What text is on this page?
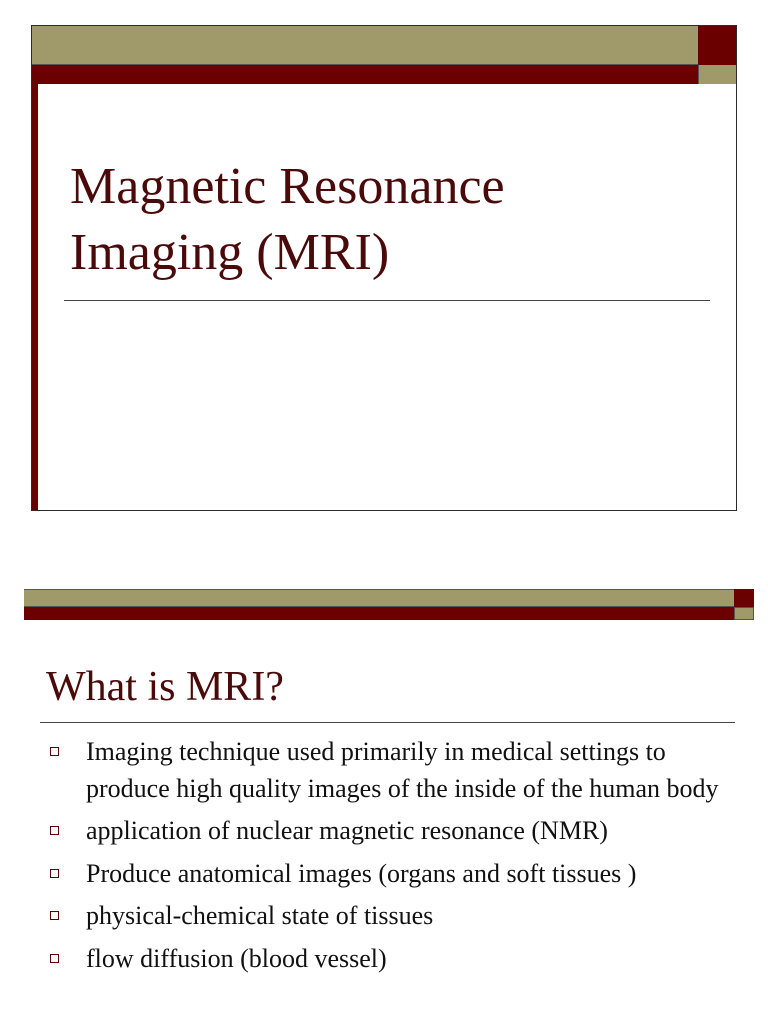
Magnetic Resonance
Imaging (MRI)
What is MRI?
Imaging technique used primarily in medical settings to produce high quality images of the inside of the human body
application of nuclear magnetic resonance (NMR)
Produce anatomical images (organs and soft tissues )
physical-chemical state of tissues
flow diffusion (blood vessel)
